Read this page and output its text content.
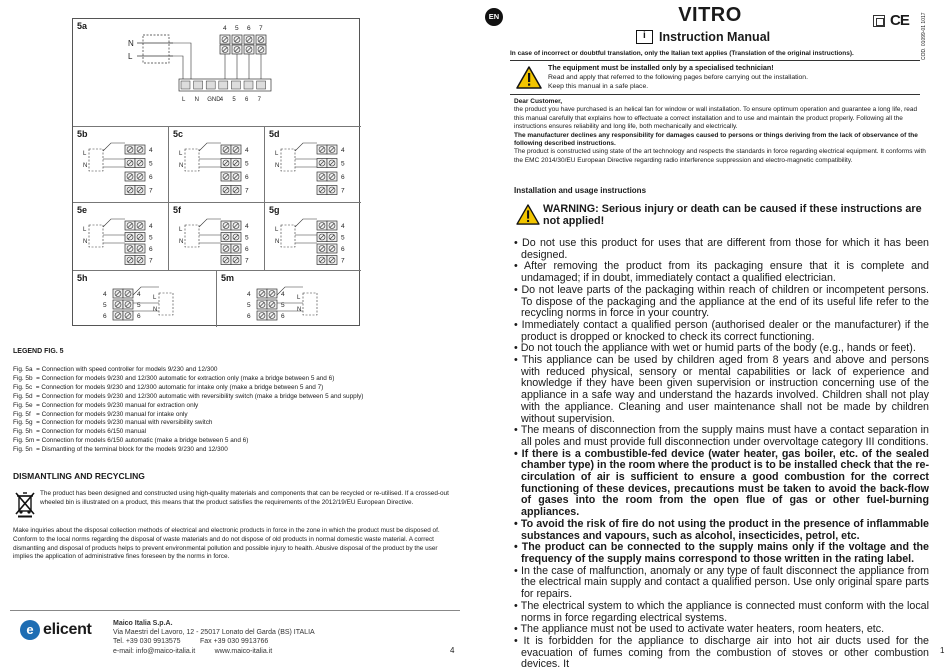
5a
N
L
4 5 6 7
L N GND 4 5 6 7
5b
4
5
6
7
L
N
5c
4
5
6
7
L
N
5d
4
5
6
7
L
N
5e
4
5
6
7
L
N
5f
4
5
6
7
L
N
5g
4
5
6
7
L
N
5h
4
4
5
5
6
6
L
N
5m
4
4
5
5
6
6
L
N
LEGEND FIG. 5
Fig. 5a  = Connection with speed controller for models 9/230 and 12/300
Fig. 5b  = Connection for models 9/230 and 12/300 automatic for extraction only (make a bridge between 5 and 6)
Fig. 5c  = Connection for models 9/230 and 12/300 automatic for intake only (make a bridge between 5 and 7)
Fig. 5d  = Connection for models 9/230 and 12/300 automatic with reversibility switch (make a bridge between 5 and supply)
Fig. 5e  = Connection for models 9/230 manual for extraction only
Fig. 5f   = Connection for models 9/230 manual for intake only
Fig. 5g  = Connection for models 9/230 manual with reversibility switch
Fig. 5h  = Connection for models 6/150 manual
Fig. 5m = Connection for models 6/150 automatic (make a bridge between 5 and 6)
Fig. 5n  = Dismantling of the terminal block for the models 9/230 and 12/300
DISMANTLING AND RECYCLING
The product has been designed and constructed using high-quality materials and components that can be recycled or re-utilised. If a crossed-out wheeled bin is illustrated on a product, this means that the product satisfies the requirements of the 2012/19/EU European Directive.
Make inquiries about the disposal collection methods of electrical and electronic products in force in the zone in which the product must be disposed of. Conform to the local norms regarding the disposal of waste materials and do not dispose of old products in normal domestic waste material. A correct dismantling and disposal of products helps to prevent environmental pollution and possible injury to health. Abusive disposal of the product by the user implies the application of administrative fines foreseen by the norms in force.
e elicent	Maico Italia S.p.A.
Via Maestri del Lavoro, 12 - 25017 Lonato del Garda (BS) ITALIA
Tel. +39 030 9913575          Fax +39 030 9913766
e-mail: info@maico-italia.it          www.maico-italia.it	4
EN	VITRO
i
Instruction Manual
CE COD. 01099-01 1017
In case of incorrect or doubtful translation, only the Italian text applies (Translation of the original instructions).
The equipment must be installed only by a specialised technician!
Read and apply that referred to the following pages before carrying out the installation.
Keep this manual in a safe place.
Dear Customer,
the product you have purchased is an helical fan for window or wall installation. To ensure optimum operation and guarantee a long life, read this manual carefully that explains how to effectuate a correct installation and to use and maintain the product properly. Following all the instructions ensures reliability and long life, both mechanically and electrically.
The manufacturer declines any responsibility for damages caused to persons or things deriving from the lack of observance of the following described instructions.
The product is constructed using state of the art technology and respects the standards in force regarding electrical equipment. It conforms with the EMC 2014/30/EU European Directive regarding radio interference suppression and electro-magnetic compatibility.
Installation and usage instructions
WARNING: Serious injury or death can be caused if these instructions are not applied!

• Do not use this product for uses that are different from those for which it has been designed.

• After removing the product from its packaging ensure that it is complete and undamaged; if in doubt, immediately contact a qualified electrician.

• Do not leave parts of the packaging within reach of children or incompetent persons. To dispose of the packaging and the appliance at the end of its useful life refer to the recycling norms in force in your country.

• Immediately contact a qualified person (authorised dealer or the manufacturer) if the product is dropped or knocked to check its correct functioning.

• Do not touch the appliance with wet or humid parts of the body (e.g., hands or feet).

• This appliance can be used by children aged from 8 years and above and persons with reduced physical, sensory or mental capabilities or lack of experience and knowledge if they have been given supervision or instruction concerning use of the appliance in a safe way and understand the hazards involved. Children shall not play with the appliance. Cleaning and user maintenance shall not be made by children without supervision.

• The means of disconnection from the supply mains must have a contact separation in all poles and must provide full disconnection under overvoltage category III conditions.

• If there is a combustible-fed device (water heater, gas boiler, etc. of the sealed chamber type) in the room where the product is to be installed check that the re-circulation of air is sufficient to ensure a good combustion for the correct functioning of these devices, precautions must be taken to avoid the back-flow of gases into the room from the open flue of gas or other fuel-burning appliances.

• To avoid the risk of fire do not using the product in the presence of inflammable substances and vapours, such as alcohol, insecticides, petrol, etc.

• The product can be connected to the supply mains only if the voltage and the frequency of the supply mains correspond to those written in the rating label.

• In the case of malfunction, anomaly or any type of fault disconnect the appliance from the electrical main supply and contact a qualified person. Use only original spare parts for repairs.

• The electrical system to which the appliance is connected must conform with the local norms in force regarding electrical systems.

• The appliance must not be used to activate water heaters, room heaters, etc.

• It is forbidden for the appliance to discharge air into hot air ducts used for the evacuation of fumes coming from the combustion of stoves or other combustion devices. It

1
